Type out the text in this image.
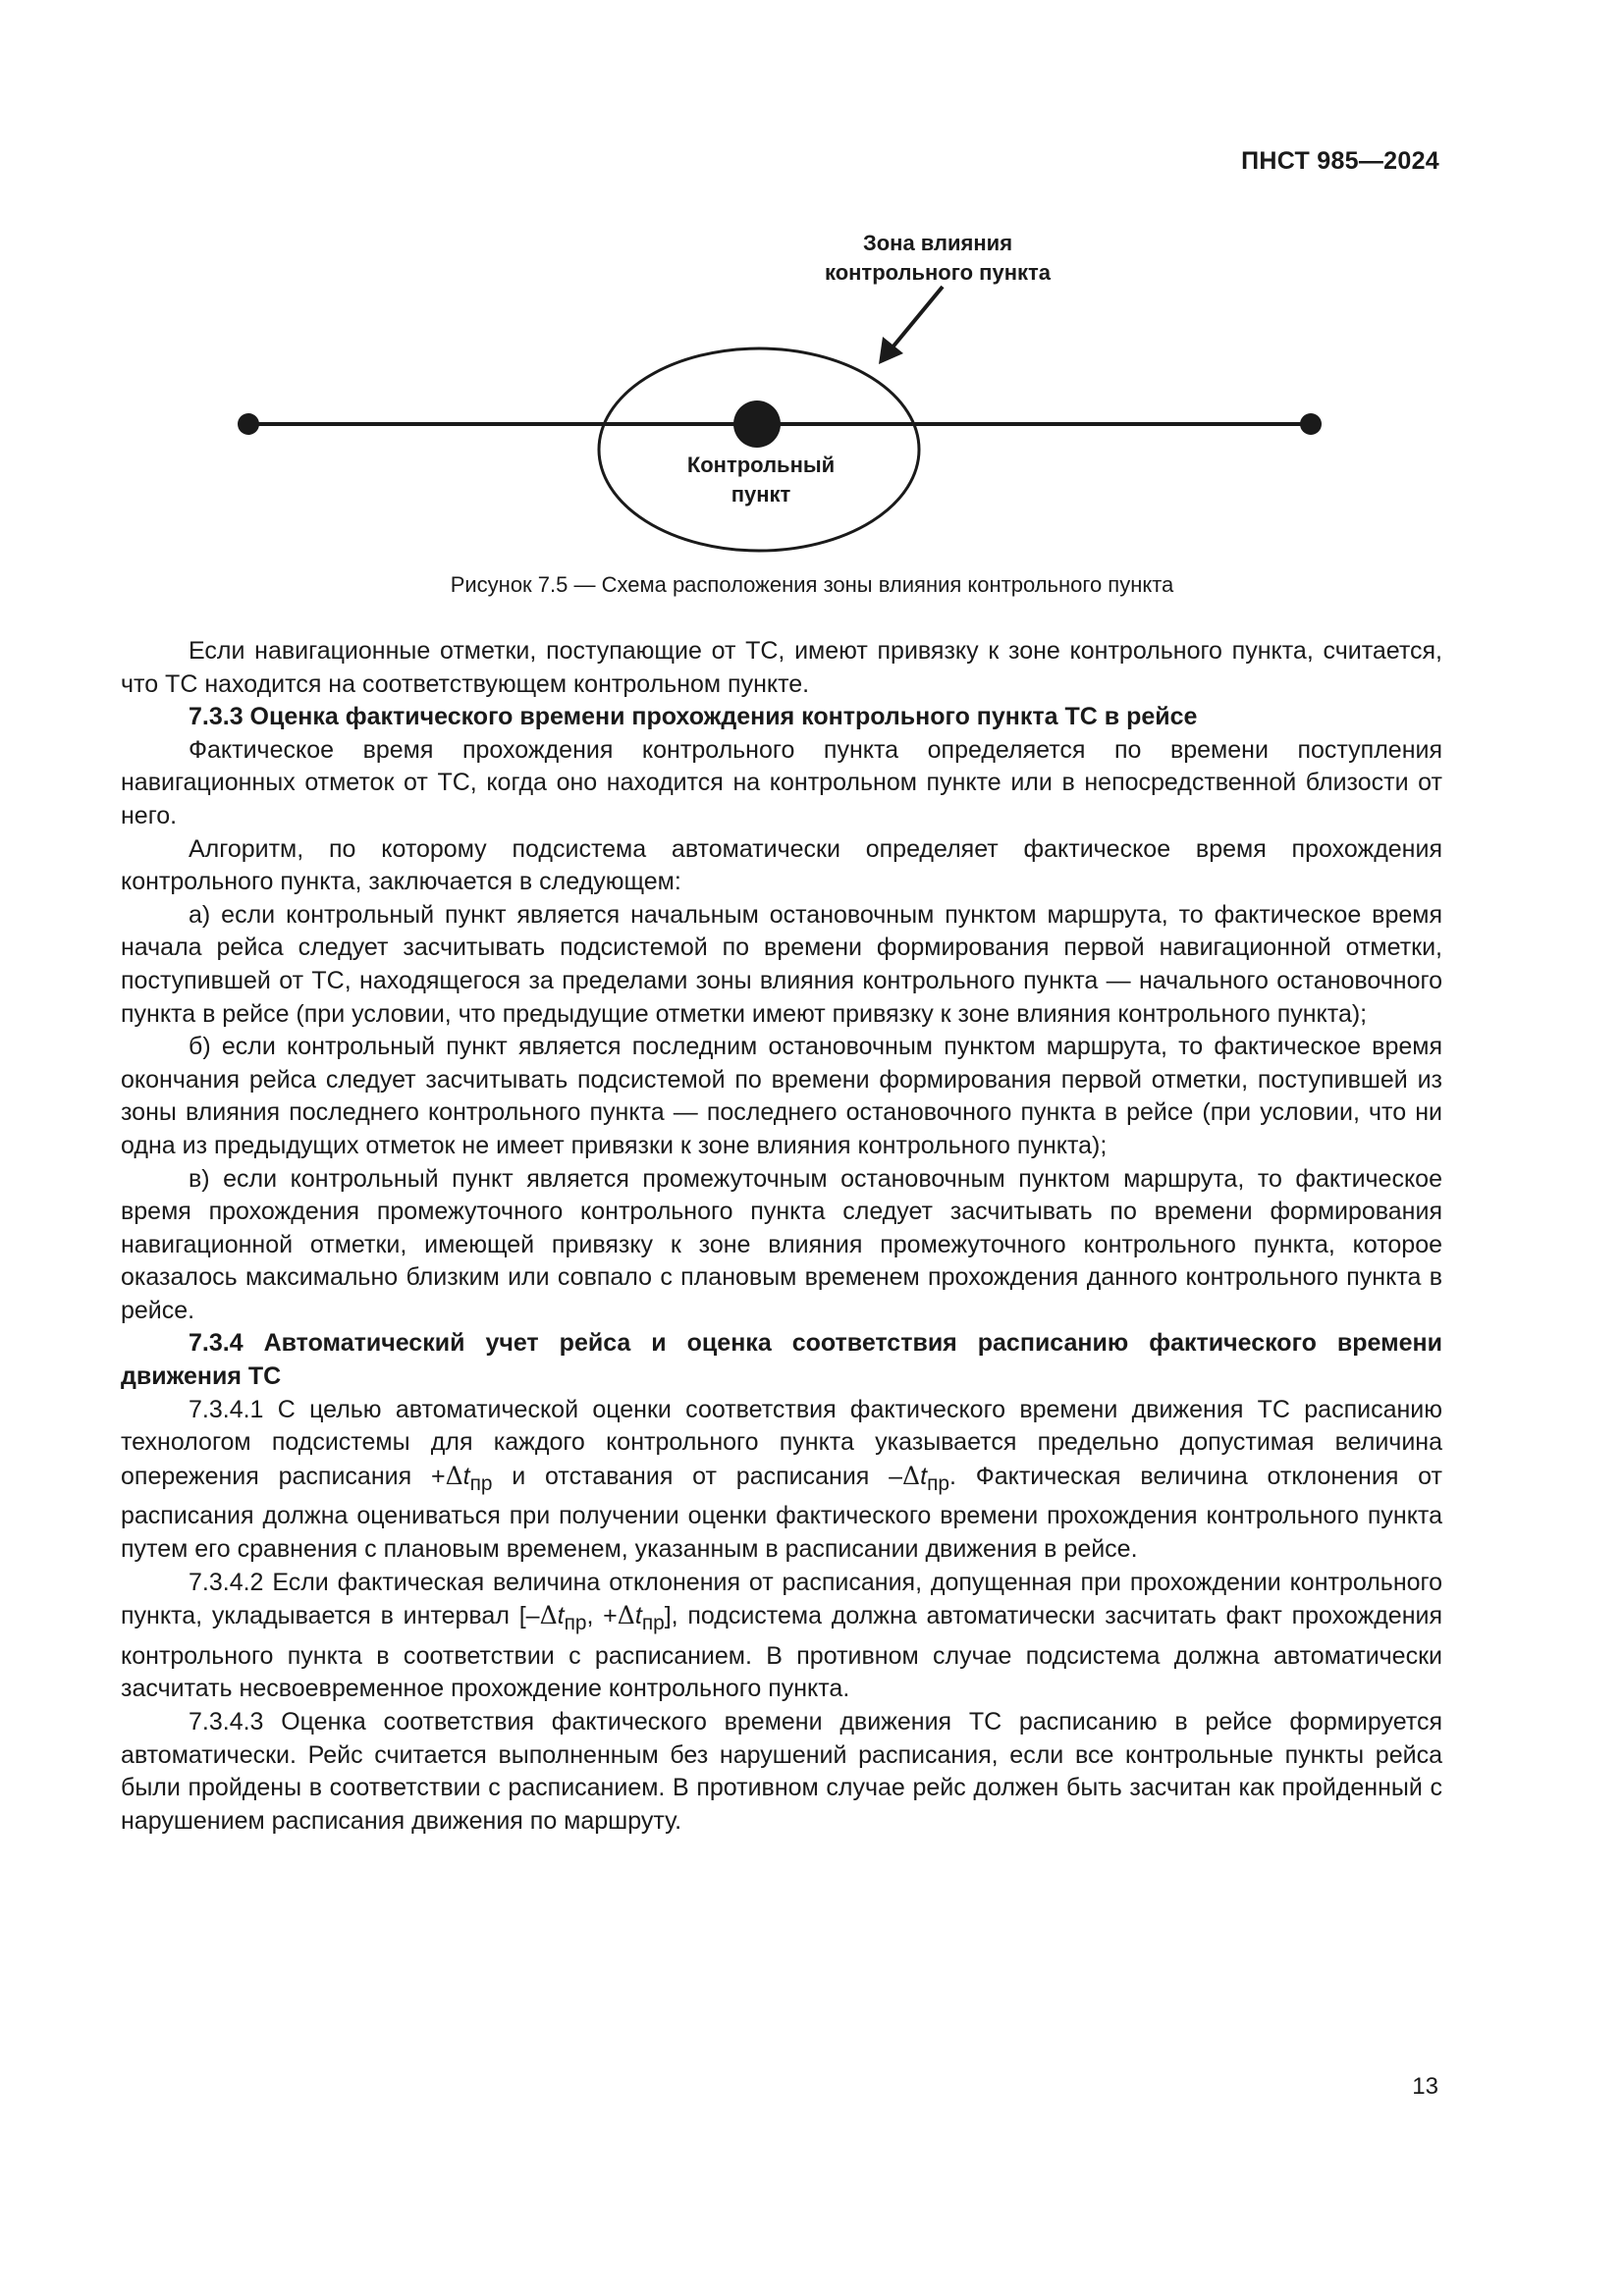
ПНСТ 985—2024
Зона влияния
контрольного пункта
Контрольный
пункт
Рисунок 7.5 — Схема расположения зоны влияния контрольного пункта

Если навигационные отметки, поступающие от ТС, имеют привязку к зоне контрольного пункта, считается, что ТС находится на соответствующем контрольном пункте.

7.3.3 Оценка фактического времени прохождения контрольного пункта ТС в рейсе

Фактическое время прохождения контрольного пункта определяется по времени поступления навигационных отметок от ТС, когда оно находится на контрольном пункте или в непосредственной близости от него.

Алгоритм, по которому подсистема автоматически определяет фактическое время прохождения контрольного пункта, заключается в следующем:

а) если контрольный пункт является начальным остановочным пунктом маршрута, то фактическое время начала рейса следует засчитывать подсистемой по времени формирования первой навигационной отметки, поступившей от ТС, находящегося за пределами зоны влияния контрольного пункта — начального остановочного пункта в рейсе (при условии, что предыдущие отметки имеют привязку к зоне влияния контрольного пункта);

б) если контрольный пункт является последним остановочным пунктом маршрута, то фактическое время окончания рейса следует засчитывать подсистемой по времени формирования первой отметки, поступившей из зоны влияния последнего контрольного пункта — последнего остановочного пункта в рейсе (при условии, что ни одна из предыдущих отметок не имеет привязки к зоне влияния контрольного пункта);

в) если контрольный пункт является промежуточным остановочным пунктом маршрута, то фактическое время прохождения промежуточного контрольного пункта следует засчитывать по времени формирования навигационной отметки, имеющей привязку к зоне влияния промежуточного контрольного пункта, которое оказалось максимально близким или совпало с плановым временем прохождения данного контрольного пункта в рейсе.

7.3.4 Автоматический учет рейса и оценка соответствия расписанию фактического времени движения ТС

7.3.4.1 С целью автоматической оценки соответствия фактического времени движения ТС расписанию технологом подсистемы для каждого контрольного пункта указывается предельно допустимая величина опережения расписания $+\Delta t_{пр}$ и отставания от расписания $-\Delta t_{пр}$. Фактическая величина отклонения от расписания должна оцениваться при получении оценки фактического времени прохождения контрольного пункта путем его сравнения с плановым временем, указанным в расписании движения в рейсе.

7.3.4.2 Если фактическая величина отклонения от расписания, допущенная при прохождении контрольного пункта, укладывается в интервал [$-\Delta t_{пр}$, $+\Delta t_{пр}$], подсистема должна автоматически засчитать факт прохождения контрольного пункта в соответствии с расписанием. В противном случае подсистема должна автоматически засчитать несвоевременное прохождение контрольного пункта.

7.3.4.3 Оценка соответствия фактического времени движения ТС расписанию в рейсе формируется автоматически. Рейс считается выполненным без нарушений расписания, если все контрольные пункты рейса были пройдены в соответствии с расписанием. В противном случае рейс должен быть засчитан как пройденный с нарушением расписания движения по маршруту.

13
